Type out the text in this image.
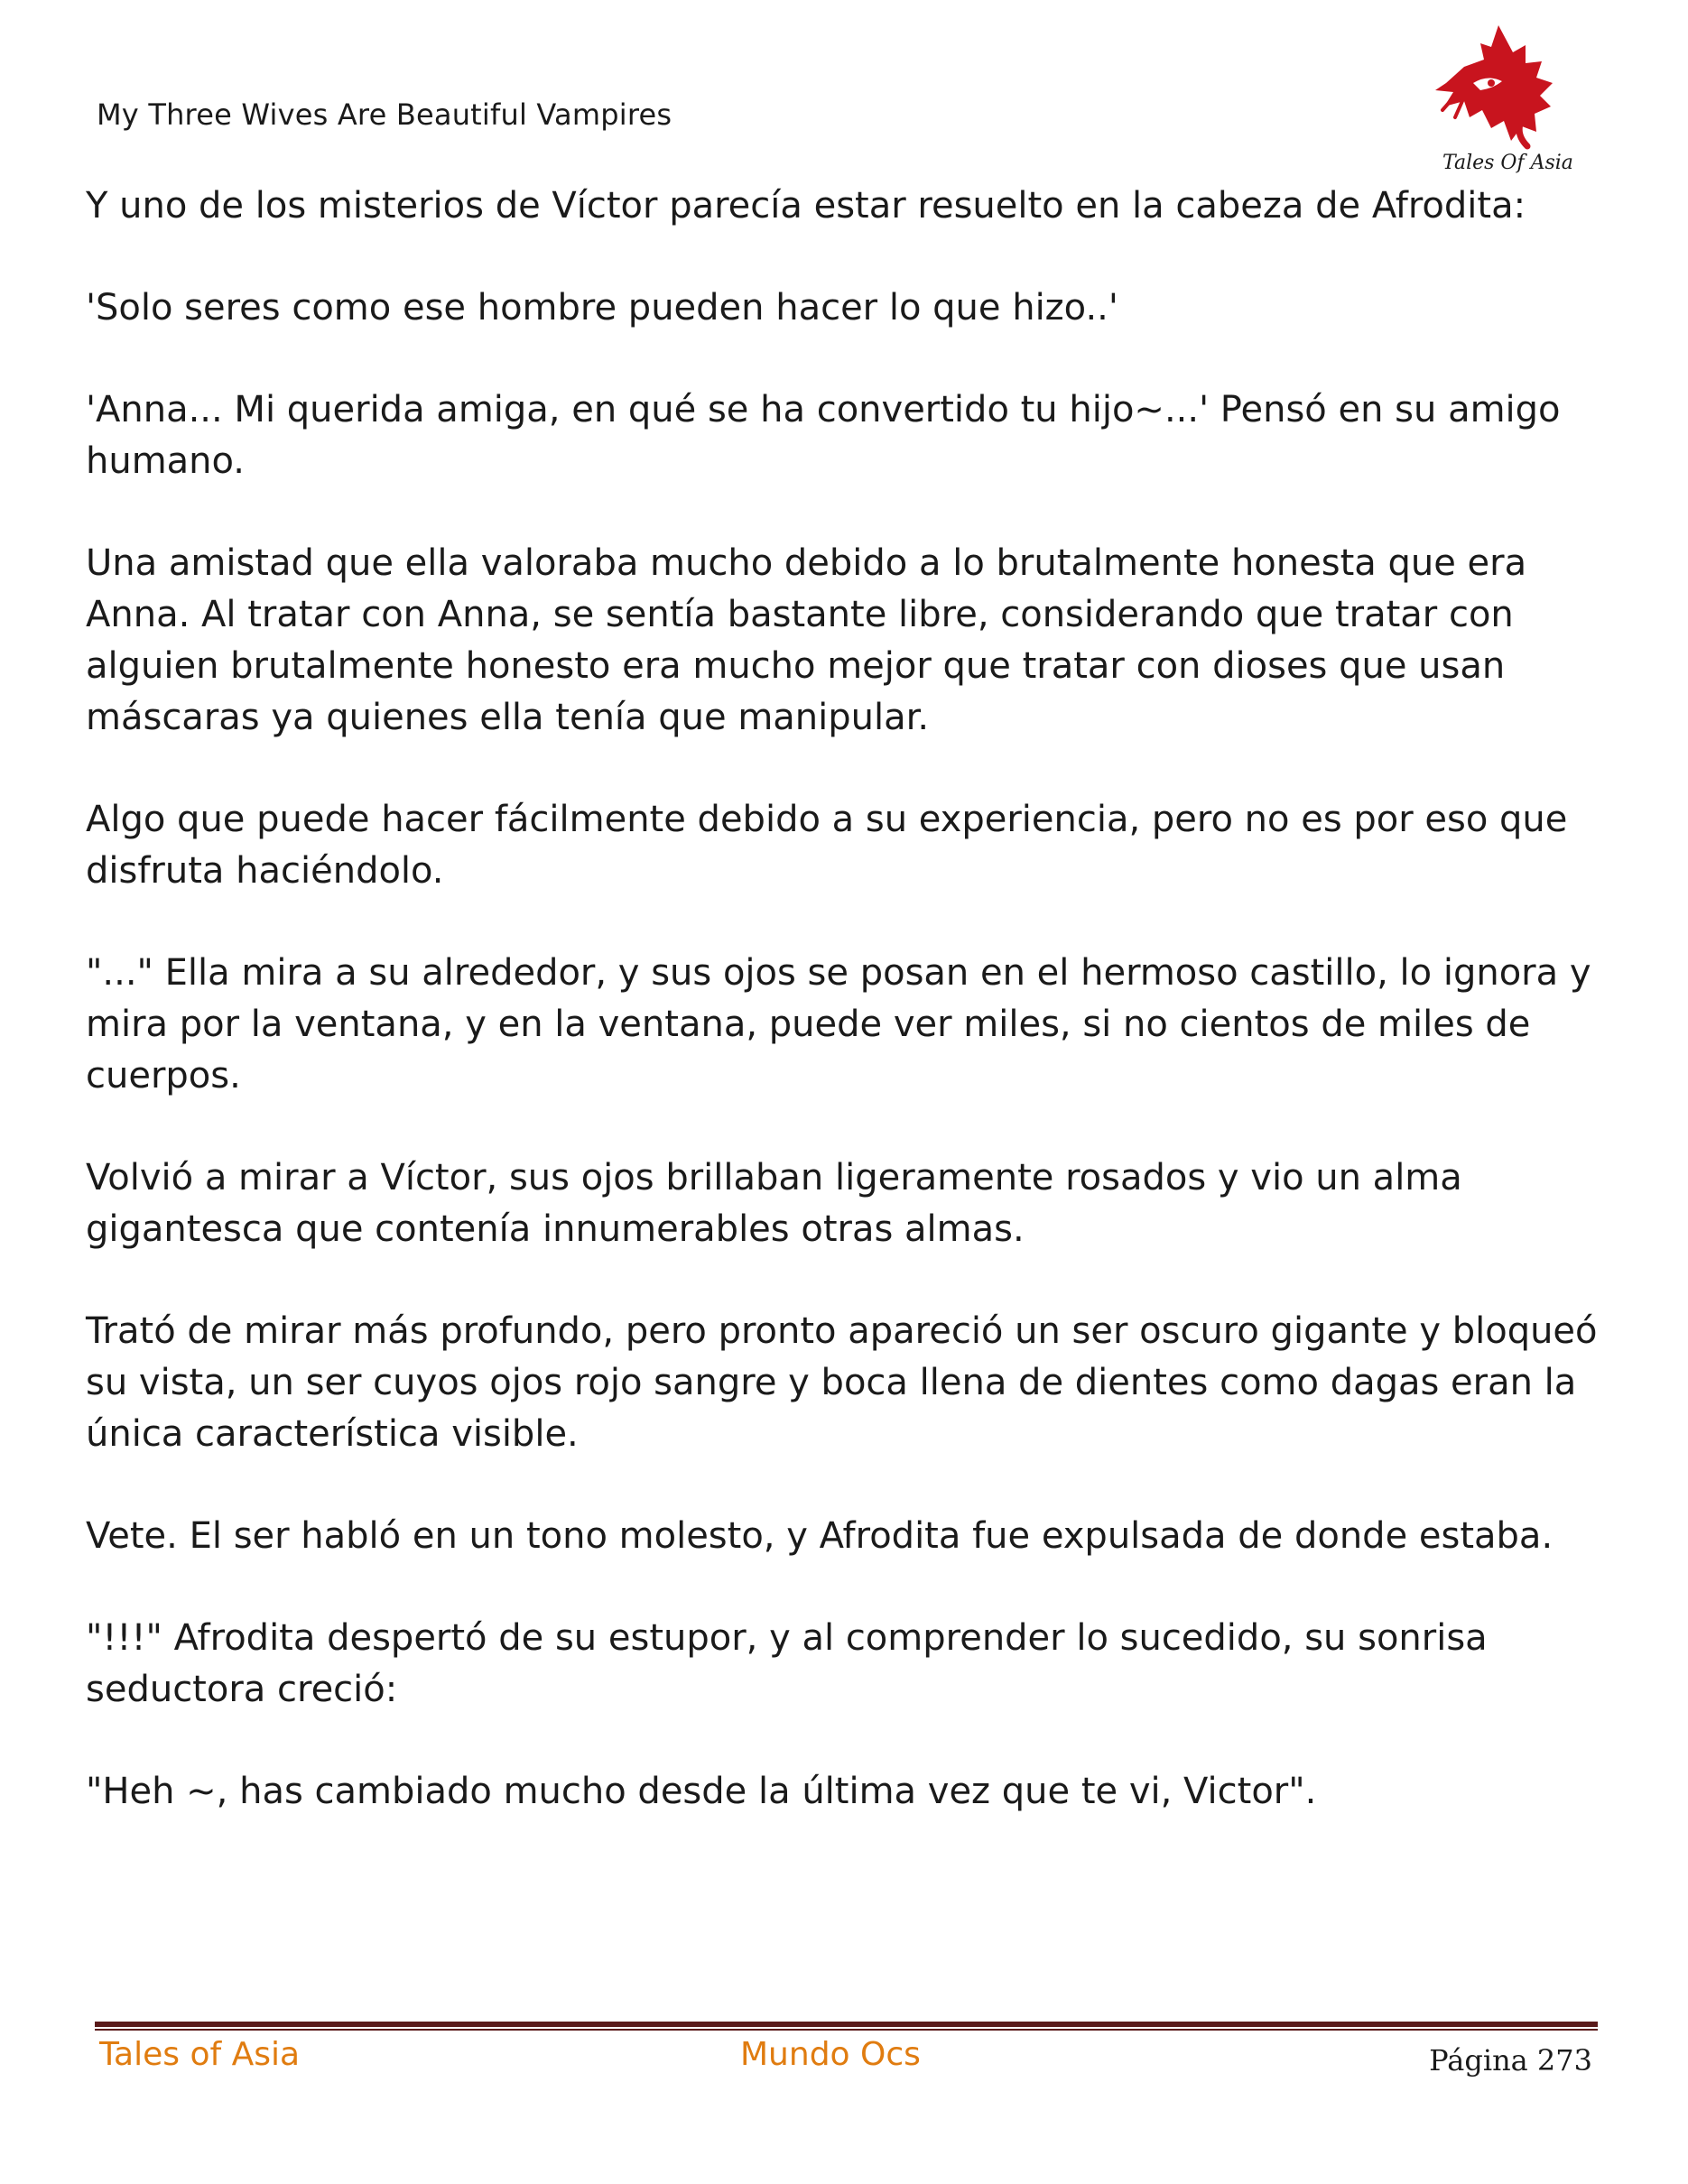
My Three Wives Are Beautiful Vampires
Tales Of Asia

Y uno de los misterios de Víctor parecía estar resuelto en la cabeza de Afrodita:

'Solo seres como ese hombre pueden hacer lo que hizo..'

'Anna... Mi querida amiga, en qué se ha convertido tu hijo~...' Pensó en su amigo humano.

Una amistad que ella valoraba mucho debido a lo brutalmente honesta que era Anna. Al tratar con Anna, se sentía bastante libre, considerando que tratar con alguien brutalmente honesto era mucho mejor que tratar con dioses que usan máscaras ya quienes ella tenía que manipular.

Algo que puede hacer fácilmente debido a su experiencia, pero no es por eso que disfruta haciéndolo.

"..." Ella mira a su alrededor, y sus ojos se posan en el hermoso castillo, lo ignora y mira por la ventana, y en la ventana, puede ver miles, si no cientos de miles de cuerpos.

Volvió a mirar a Víctor, sus ojos brillaban ligeramente rosados y vio un alma gigantesca que contenía innumerables otras almas.

Trató de mirar más profundo, pero pronto apareció un ser oscuro gigante y bloqueó su vista, un ser cuyos ojos rojo sangre y boca llena de dientes como dagas eran la única característica visible.

Vete. El ser habló en un tono molesto, y Afrodita fue expulsada de donde estaba.

"!!!" Afrodita despertó de su estupor, y al comprender lo sucedido, su sonrisa seductora creció:

"Heh ~, has cambiado mucho desde la última vez que te vi, Victor".

Tales of Asia	Mundo Ocs	Página 273
